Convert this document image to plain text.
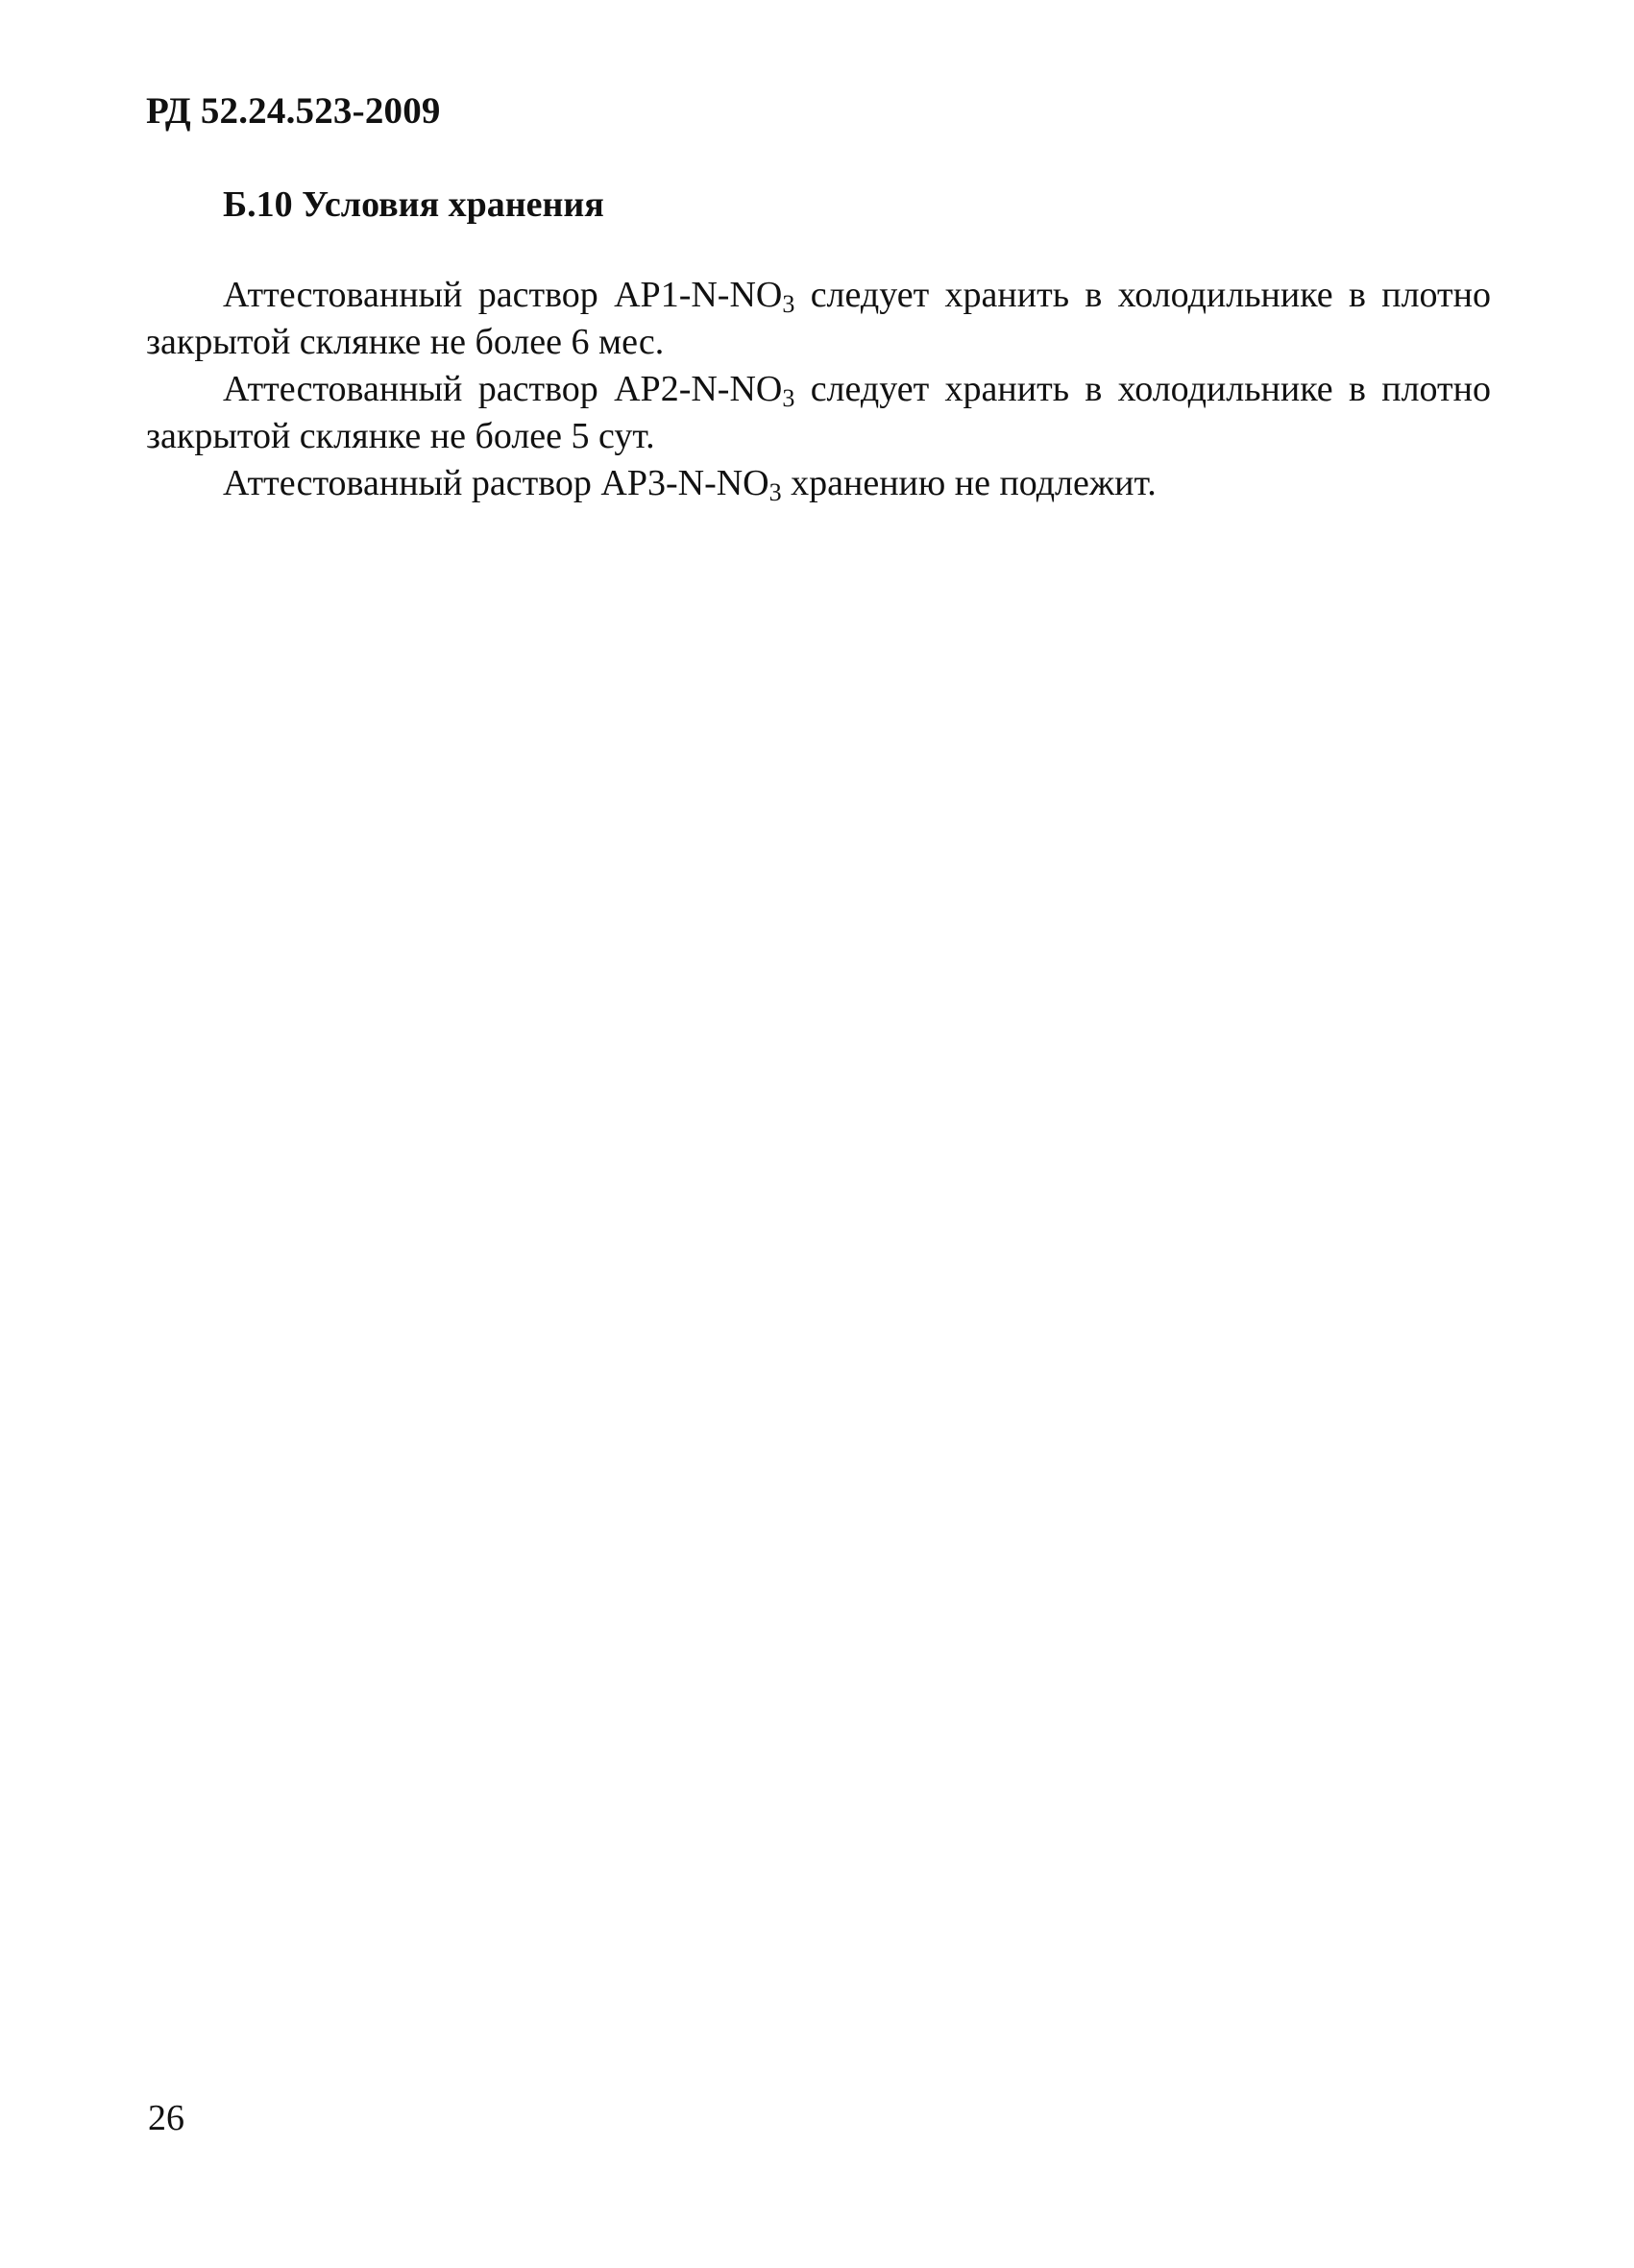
РД 52.24.523-2009
Б.10 Условия хранения

Аттестованный раствор $АР1-N-NO_3$ следует хранить в холодильнике в плотно закрытой склянке не более 6 мес.

Аттестованный раствор $АР2-N-NO_3$ следует хранить в холодильнике в плотно закрытой склянке не более 5 сут.

Аттестованный раствор $АР3-N-NO_3$ хранению не подлежит.

26
